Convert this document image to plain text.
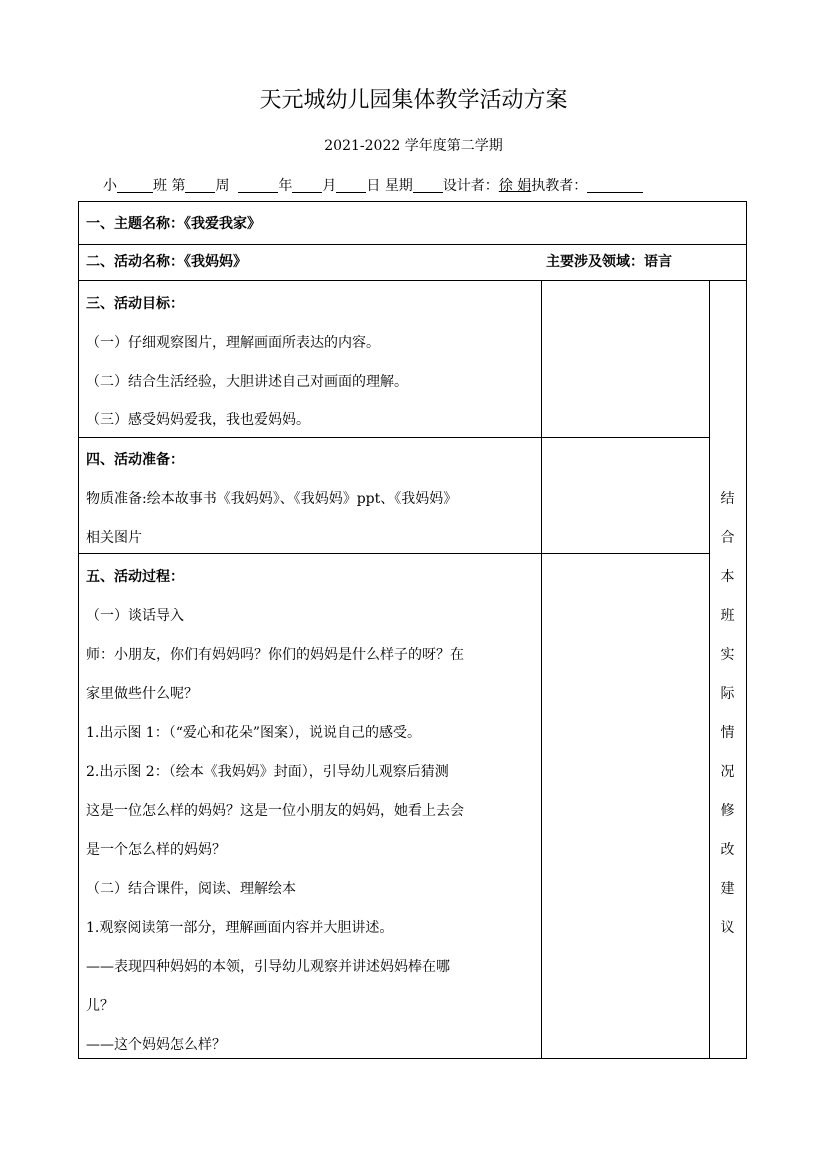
天元城幼儿园集体教学活动方案
2021-2022 学年度第二学期
小	班 第 周	年 月 日 星期 设计者：徐 娟执教者：
一、主题名称：《我爱我家》
二、活动名称：《我妈妈》	主要涉及领域：语言
三、活动目标：
（一）仔细观察图片，理解画面所表达的内容。
（二）结合生活经验，大胆讲述自己对画面的理解。
（三）感受妈妈爱我，我也爱妈妈。
四、活动准备：
物质准备:绘本故事书《我妈妈》、《我妈妈》ppt、《我妈妈》
相关图片
五、活动过程：
（一）谈话导入
师：小朋友，你们有妈妈吗？你们的妈妈是什么样子的呀？在
家里做些什么呢？
1.出示图 1：（“爱心和花朵”图案），说说自己的感受。
2.出示图 2：（绘本《我妈妈》封面），引导幼儿观察后猜测
这是一位怎么样的妈妈？这是一位小朋友的妈妈，她看上去会
是一个怎么样的妈妈？
（二）结合课件，阅读、理解绘本
1.观察阅读第一部分，理解画面内容并大胆讲述。
——表现四种妈妈的本领，引导幼儿观察并讲述妈妈棒在哪
儿？
——这个妈妈怎么样？
结
合
本
班
实
际
情
况
修
改
建
议
